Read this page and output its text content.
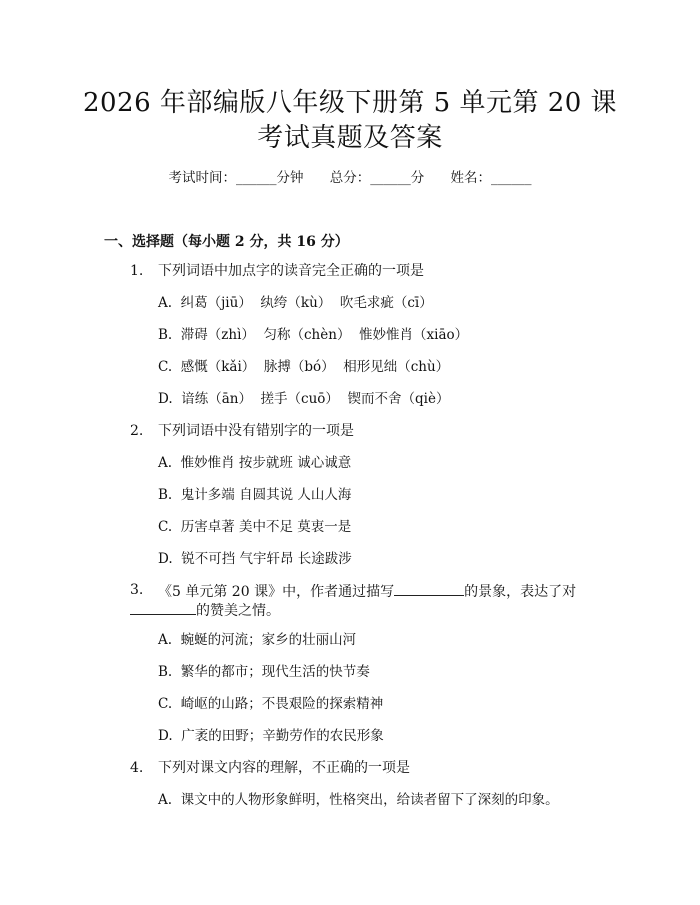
2026 年部编版八年级下册第 5 单元第 20 课
考试真题及答案
考试时间：______分钟 总分：______分 姓名：______
一、选择题（每小题 2 分，共 16 分）
1. 下列词语中加点字的读音完全正确的一项是
A.  纠葛（jiū）  纨绔（kù）  吹毛求疵（cī）
B.  滞碍（zhì）  匀称（chèn）  惟妙惟肖（xiāo）
C.  感慨（kǎi）  脉搏（bó）  相形见绌（chù）
D.  谙练（ān）  搓手（cuō）  锲而不舍（qiè）
2. 下列词语中没有错别字的一项是
A.  惟妙惟肖 按步就班 诚心诚意
B.  鬼计多端 自圆其说 人山人海
C.  历害卓著 美中不足 莫衷一是
D.  锐不可挡 气宇轩昂 长途跋涉
3. 《5 单元第 20 课》中，作者通过描写	的景象，表达了对
的赞美之情。
A.  蜿蜒的河流；家乡的壮丽山河
B.  繁华的都市；现代生活的快节奏
C.  崎岖的山路；不畏艰险的探索精神
D.  广袤的田野；辛勤劳作的农民形象
4. 下列对课文内容的理解，不正确的一项是
A.  课文中的人物形象鲜明，性格突出，给读者留下了深刻的印象。
